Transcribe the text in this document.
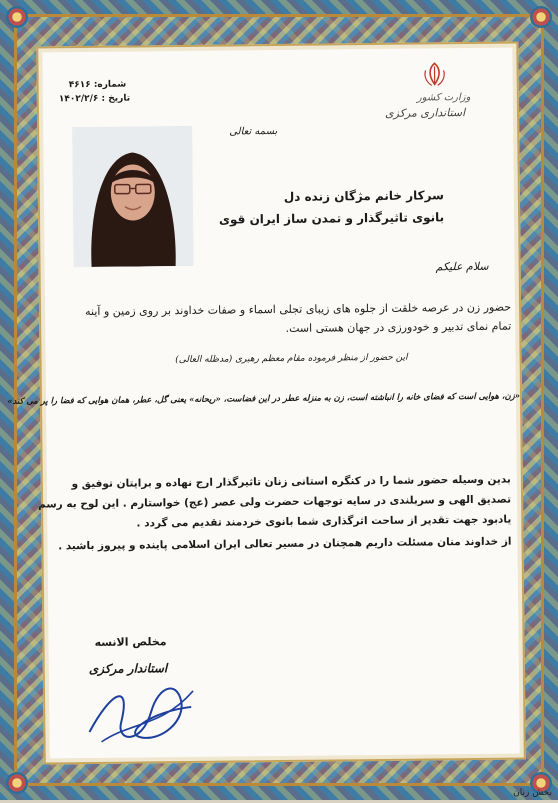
شماره: ۴۶۱۶
تاریخ : ۱۴۰۲/۲/۶	وزارت کشور
استانداری مرکزی
بسمه تعالی
سرکار خانم مژگان زنده دل
بانوی تاثیرگذار و تمدن ساز ایران قوی
سلام علیکم
حضور زن در عرصه خلقت از جلوه های زیبای تجلی اسماء و صفات خداوند بر روی زمین و آینه
تمام نمای تدبیر و خودورزی در جهان هستی است.
این حضور از منظر فرموده مقام معظم رهبری (مدظله العالی)
«زن، هوایی است که فضای خانه را انباشته است، زن به منزله عطر در این فضاست، «ریحانه» یعنی گل، عطر، همان هوایی که فضا را پر می کند»
بدین وسیله حضور شما را در کنگره استانی زنان تاثیرگذار ارج نهاده و برایتان توفیق و
تصدیق الهی و سربلندی در سایه توجهات حضرت ولی عصر (عج) خواستارم . این لوح به رسم
یادبود جهت تقدیر از ساحت اثرگذاری شما بانوی خردمند تقدیم می گردد .
از خداوند منان مسئلت داریم همچنان در مسیر تعالی ایران اسلامی پاینده و پیروز باشید .
مخلص الانسه
استاندار مرکزی
بخش زنان
